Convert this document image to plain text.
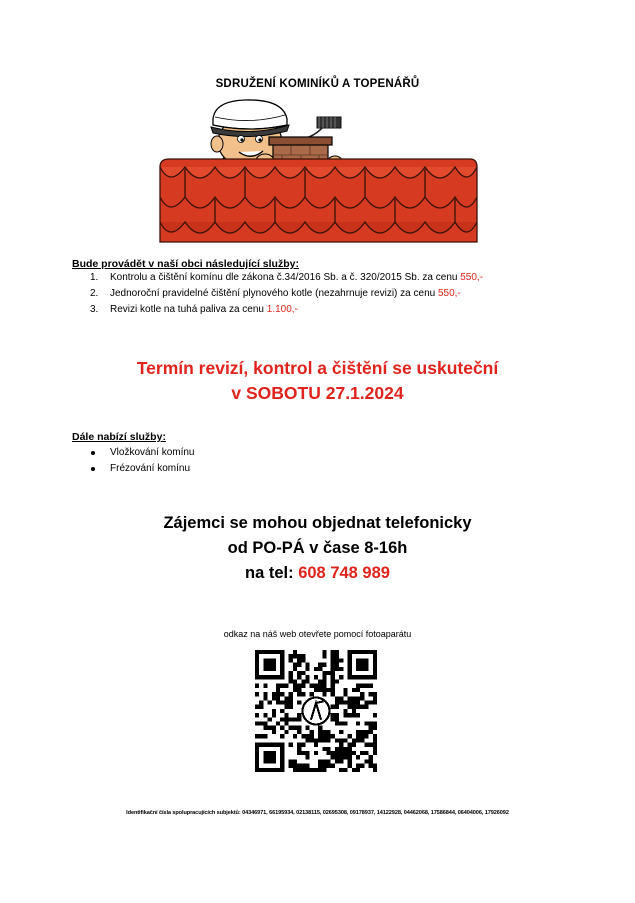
SDRUŽENÍ KOMINÍKŮ A TOPENÁŘŮ
Bude provádět v naší obci následující služby:
1. Kontrolu a čištění komínu dle zákona č.34/2016 Sb. a č. 320/2015 Sb. za cenu 550,-
2. Jednoroční pravidelné čištění plynového kotle (nezahrnuje revizi) za cenu 550,-
3. Revizi kotle na tuhá paliva za cenu 1.100,-
Termín revizí, kontrol a čištění se uskuteční
v SOBOTU 27.1.2024
Dále nabízí služby:
Vložkování komínu
Frézování komínu
Zájemci se mohou objednat telefonicky
od PO-PÁ v čase 8-16h
na tel: 608 748 989
odkaz na náš web otevřete pomocí fotoaparátu
Identifikační čísla spolupracujících subjektů: 04346971, 66195934, 02138115, 02695308, 09178937, 14122928, 04462068, 17586844, 06404006, 17926092
